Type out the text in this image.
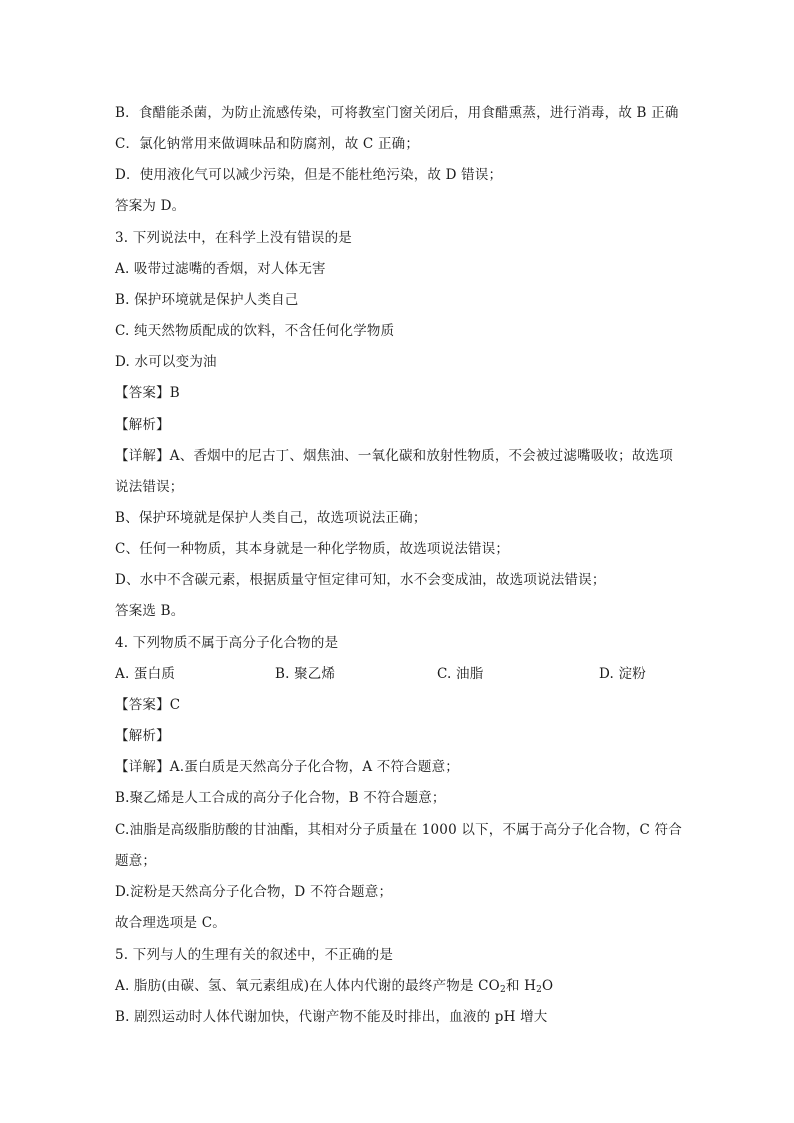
B．食醋能杀菌，为防止流感传染，可将教室门窗关闭后，用食醋熏蒸，进行消毒，故 B 正确
C．氯化钠常用来做调味品和防腐剂，故 C 正确；
D．使用液化气可以减少污染，但是不能杜绝污染，故 D 错误；
答案为 D。
3. 下列说法中，在科学上没有错误的是
A. 吸带过滤嘴的香烟，对人体无害
B. 保护环境就是保护人类自己
C. 纯天然物质配成的饮料，不含任何化学物质
D. 水可以变为油
【答案】B
【解析】
【详解】A、香烟中的尼古丁、烟焦油、一氧化碳和放射性物质，不会被过滤嘴吸收；故选项
说法错误；
B、保护环境就是保护人类自己，故选项说法正确；
C、任何一种物质，其本身就是一种化学物质，故选项说法错误；
D、水中不含碳元素，根据质量守恒定律可知，水不会变成油，故选项说法错误；
答案选 B。
4. 下列物质不属于高分子化合物的是
A. 蛋白质	B. 聚乙烯	C. 油脂	D. 淀粉
【答案】C
【解析】
【详解】A.蛋白质是天然高分子化合物，A 不符合题意；
B.聚乙烯是人工合成的高分子化合物，B 不符合题意；
C.油脂是高级脂肪酸的甘油酯，其相对分子质量在 1000 以下，不属于高分子化合物，C 符合
题意；
D.淀粉是天然高分子化合物，D 不符合题意；
故合理选项是 C。
5. 下列与人的生理有关的叙述中，不正确的是
A. 脂肪(由碳、氢、氧元素组成)在人体内代谢的最终产物是 $CO_2$和 $H_2O$
B. 剧烈运动时人体代谢加快，代谢产物不能及时排出，血液的 pH 增大
